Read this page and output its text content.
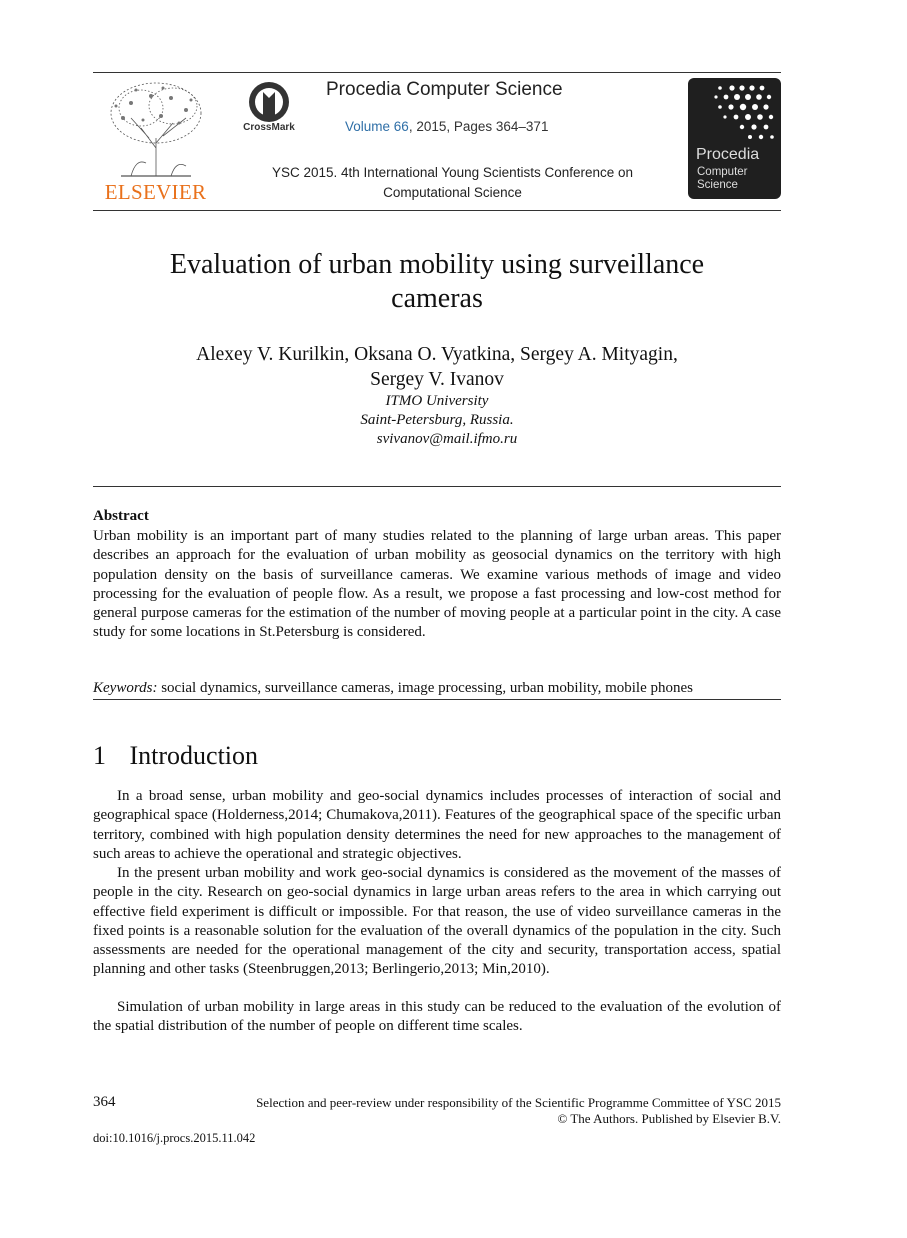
ELSEVIER
CrossMark
Procedia Computer Science
Volume 66, 2015, Pages 364–371
YSC 2015. 4th International Young Scientists Conference on
Computational Science
Procedia
Computer
Science
Evaluation of urban mobility using surveillance
cameras
Alexey V. Kurilkin, Oksana O. Vyatkina, Sergey A. Mityagin,
Sergey V. Ivanov
ITMO University
Saint-Petersburg, Russia.
svivanov@mail.ifmo.ru
Abstract
Urban mobility is an important part of many studies related to the planning of large urban areas. This paper describes an approach for the evaluation of urban mobility as geosocial dynamics on the territory with high population density on the basis of surveillance cameras. We examine various methods of image and video processing for the evaluation of people flow. As a result, we propose a fast processing and low-cost method for general purpose cameras for the estimation of the number of moving people at a particular point in the city. A case study for some locations in St.Petersburg is considered.
Keywords: social dynamics, surveillance cameras, image processing, urban mobility, mobile phones
1 Introduction

In a broad sense, urban mobility and geo-social dynamics includes processes of interaction of social and geographical space (Holderness,2014; Chumakova,2011). Features of the geographical space of the specific urban territory, combined with high population density determines the need for new approaches to the management of such areas to achieve the operational and strategic objectives.

In the present urban mobility and work geo-social dynamics is considered as the movement of the masses of people in the city. Research on geo-social dynamics in large urban areas refers to the area in which carrying out effective field experiment is difficult or impossible. For that reason, the use of video surveillance cameras in the fixed points is a reasonable solution for the evaluation of the overall dynamics of the population in the city. Such assessments are needed for the operational management of the city and security, transportation access, spatial planning and other tasks (Steenbruggen,2013; Berlingerio,2013; Min,2010).

Simulation of urban mobility in large areas in this study can be reduced to the evaluation of the evolution of the spatial distribution of the number of people on different time scales.

364	Selection and peer-review under responsibility of the Scientific Programme Committee of YSC 2015
© The Authors. Published by Elsevier B.V.
doi:10.1016/j.procs.2015.11.042
